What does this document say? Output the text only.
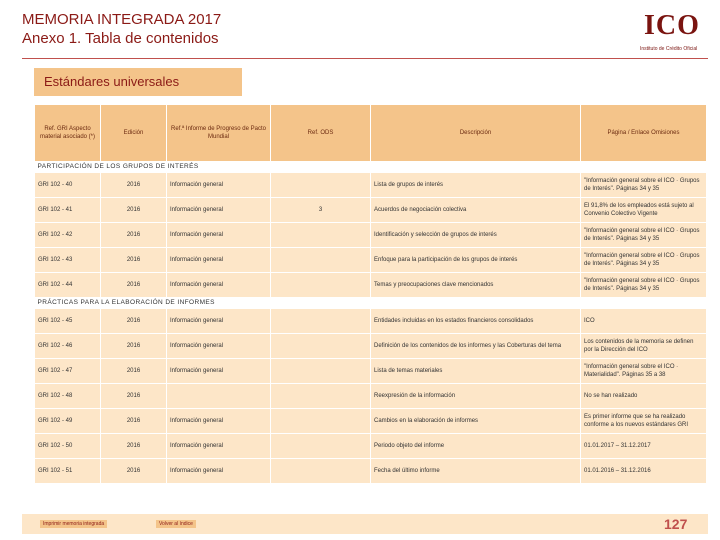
MEMORIA INTEGRADA 2017
Anexo 1. Tabla de contenidos	ICO
Instituto de Crédito Oficial
Estándares universales
Ref. GRI Aspecto material asociado (*)	Edición	Ref.ª Informe de Progreso de Pacto Mundial	Ref. ODS	Descripción	Página / Enlace Omisiones
PARTICIPACIÓN DE LOS GRUPOS DE INTERÉS					
GRI 102 - 40	2016	Información general		Lista de grupos de interés	"Información general sobre el ICO · Grupos de Interés". Páginas 34 y 35
GRI 102 - 41	2016	Información general	3	Acuerdos de negociación colectiva	El 91,8% de los empleados está sujeto al Convenio Colectivo Vigente
GRI 102 - 42	2016	Información general		Identificación y selección de grupos de interés	"Información general sobre el ICO · Grupos de Interés". Páginas 34 y 35
GRI 102 - 43	2016	Información general		Enfoque para la participación de los grupos de interés	"Información general sobre el ICO · Grupos de Interés". Páginas 34 y 35
GRI 102 - 44	2016	Información general		Temas y preocupaciones clave mencionados	"Información general sobre el ICO · Grupos de Interés". Páginas 34 y 35
PRÁCTICAS PARA LA ELABORACIÓN DE INFORMES					
GRI 102 - 45	2016	Información general		Entidades incluidas en los estados financieros consolidados	ICO
GRI 102 - 46	2016	Información general		Definición de los contenidos de los informes y las Coberturas del tema	Los contenidos de la memoria se definen por la Dirección del ICO
GRI 102 - 47	2016	Información general		Lista de temas materiales	"Información general sobre el ICO · Materialidad". Páginas 35 a 38
GRI 102 - 48	2016			Reexpresión de la información	No se han realizado
GRI 102 - 49	2016	Información general		Cambios en la elaboración de informes	Es primer informe que se ha realizado conforme a los nuevos estándares GRI
GRI 102 - 50	2016	Información general		Periodo objeto del informe	01.01.2017 – 31.12.2017
GRI 102 - 51	2016	Información general		Fecha del último informe	01.01.2016 – 31.12.2016
Imprimir memoria integrada	Volver al índice	127
